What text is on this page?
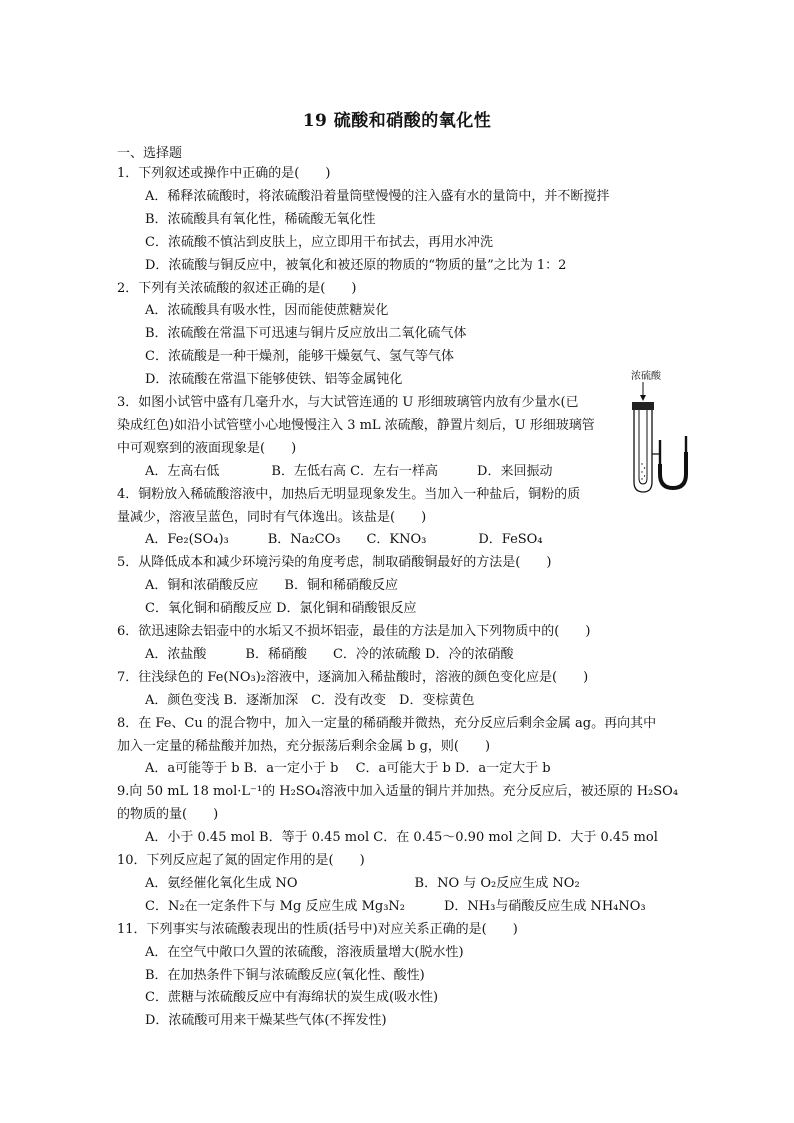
19 硫酸和硝酸的氧化性
一、选择题
1．下列叙述或操作中正确的是(　　)
A．稀释浓硫酸时，将浓硫酸沿着量筒壁慢慢的注入盛有水的量筒中，并不断搅拌
B．浓硫酸具有氧化性，稀硫酸无氧化性
C．浓硫酸不慎沾到皮肤上，应立即用干布拭去，再用水冲洗
D．浓硫酸与铜反应中，被氧化和被还原的物质的“物质的量”之比为 1：2
2．下列有关浓硫酸的叙述正确的是(　　)
A．浓硫酸具有吸水性，因而能使蔗糖炭化
B．浓硫酸在常温下可迅速与铜片反应放出二氧化硫气体
C．浓硫酸是一种干燥剂，能够干燥氨气、氢气等气体
D．浓硫酸在常温下能够使铁、铝等金属钝化
3．如图小试管中盛有几毫升水，与大试管连通的 U 形细玻璃管内放有少量水(已
染成红色)如沿小试管壁小心地慢慢注入 3 mL 浓硫酸，静置片刻后，U 形细玻璃管
中可观察到的液面现象是(　　)
A．左高右低　　　　B．左低右高 C．左右一样高　　　D．来回振动
4．铜粉放入稀硫酸溶液中，加热后无明显现象发生。当加入一种盐后，铜粉的质
量减少，溶液呈蓝色，同时有气体逸出。该盐是(　　)
A．Fe₂(SO₄)₃　　　B．Na₂CO₃　　C．KNO₃　　　　D．FeSO₄
5．从降低成本和减少环境污染的角度考虑，制取硝酸铜最好的方法是(　　)
A．铜和浓硝酸反应　　B．铜和稀硝酸反应
C．氧化铜和硝酸反应 D．氯化铜和硝酸银反应
6．欲迅速除去铝壶中的水垢又不损坏铝壶，最佳的方法是加入下列物质中的(　　)
A．浓盐酸　　　B．稀硝酸　　C．冷的浓硫酸 D．冷的浓硝酸
7．往浅绿色的 Fe(NO₃)₂溶液中，逐滴加入稀盐酸时，溶液的颜色变化应是(　　)
A．颜色变浅 B．逐渐加深　C．没有改变　D．变棕黄色
8．在 Fe、Cu 的混合物中，加入一定量的稀硝酸并微热，充分反应后剩余金属 ag。再向其中
加入一定量的稀盐酸并加热，充分振荡后剩余金属 b g，则(　　)
A．a可能等于 b B．a一定小于 b　 C．a可能大于 b D．a一定大于 b
9.向 50 mL 18 mol·L⁻¹的 H₂SO₄溶液中加入适量的铜片并加热。充分反应后，被还原的 H₂SO₄
的物质的量(　　)
A．小于 0.45 mol B．等于 0.45 mol C．在 0.45～0.90 mol 之间 D．大于 0.45 mol
10．下列反应起了氮的固定作用的是(　　)
A．氨经催化氧化生成 NO　　　　　　　　　B．NO 与 O₂反应生成 NO₂
C．N₂在一定条件下与 Mg 反应生成 Mg₃N₂　　　D．NH₃与硝酸反应生成 NH₄NO₃
11．下列事实与浓硫酸表现出的性质(括号中)对应关系正确的是(　　)
A．在空气中敞口久置的浓硫酸，溶液质量增大(脱水性)
B．在加热条件下铜与浓硫酸反应(氧化性、酸性)
C．蔗糖与浓硫酸反应中有海绵状的炭生成(吸水性)
D．浓硫酸可用来干燥某些气体(不挥发性)
浓硫酸
